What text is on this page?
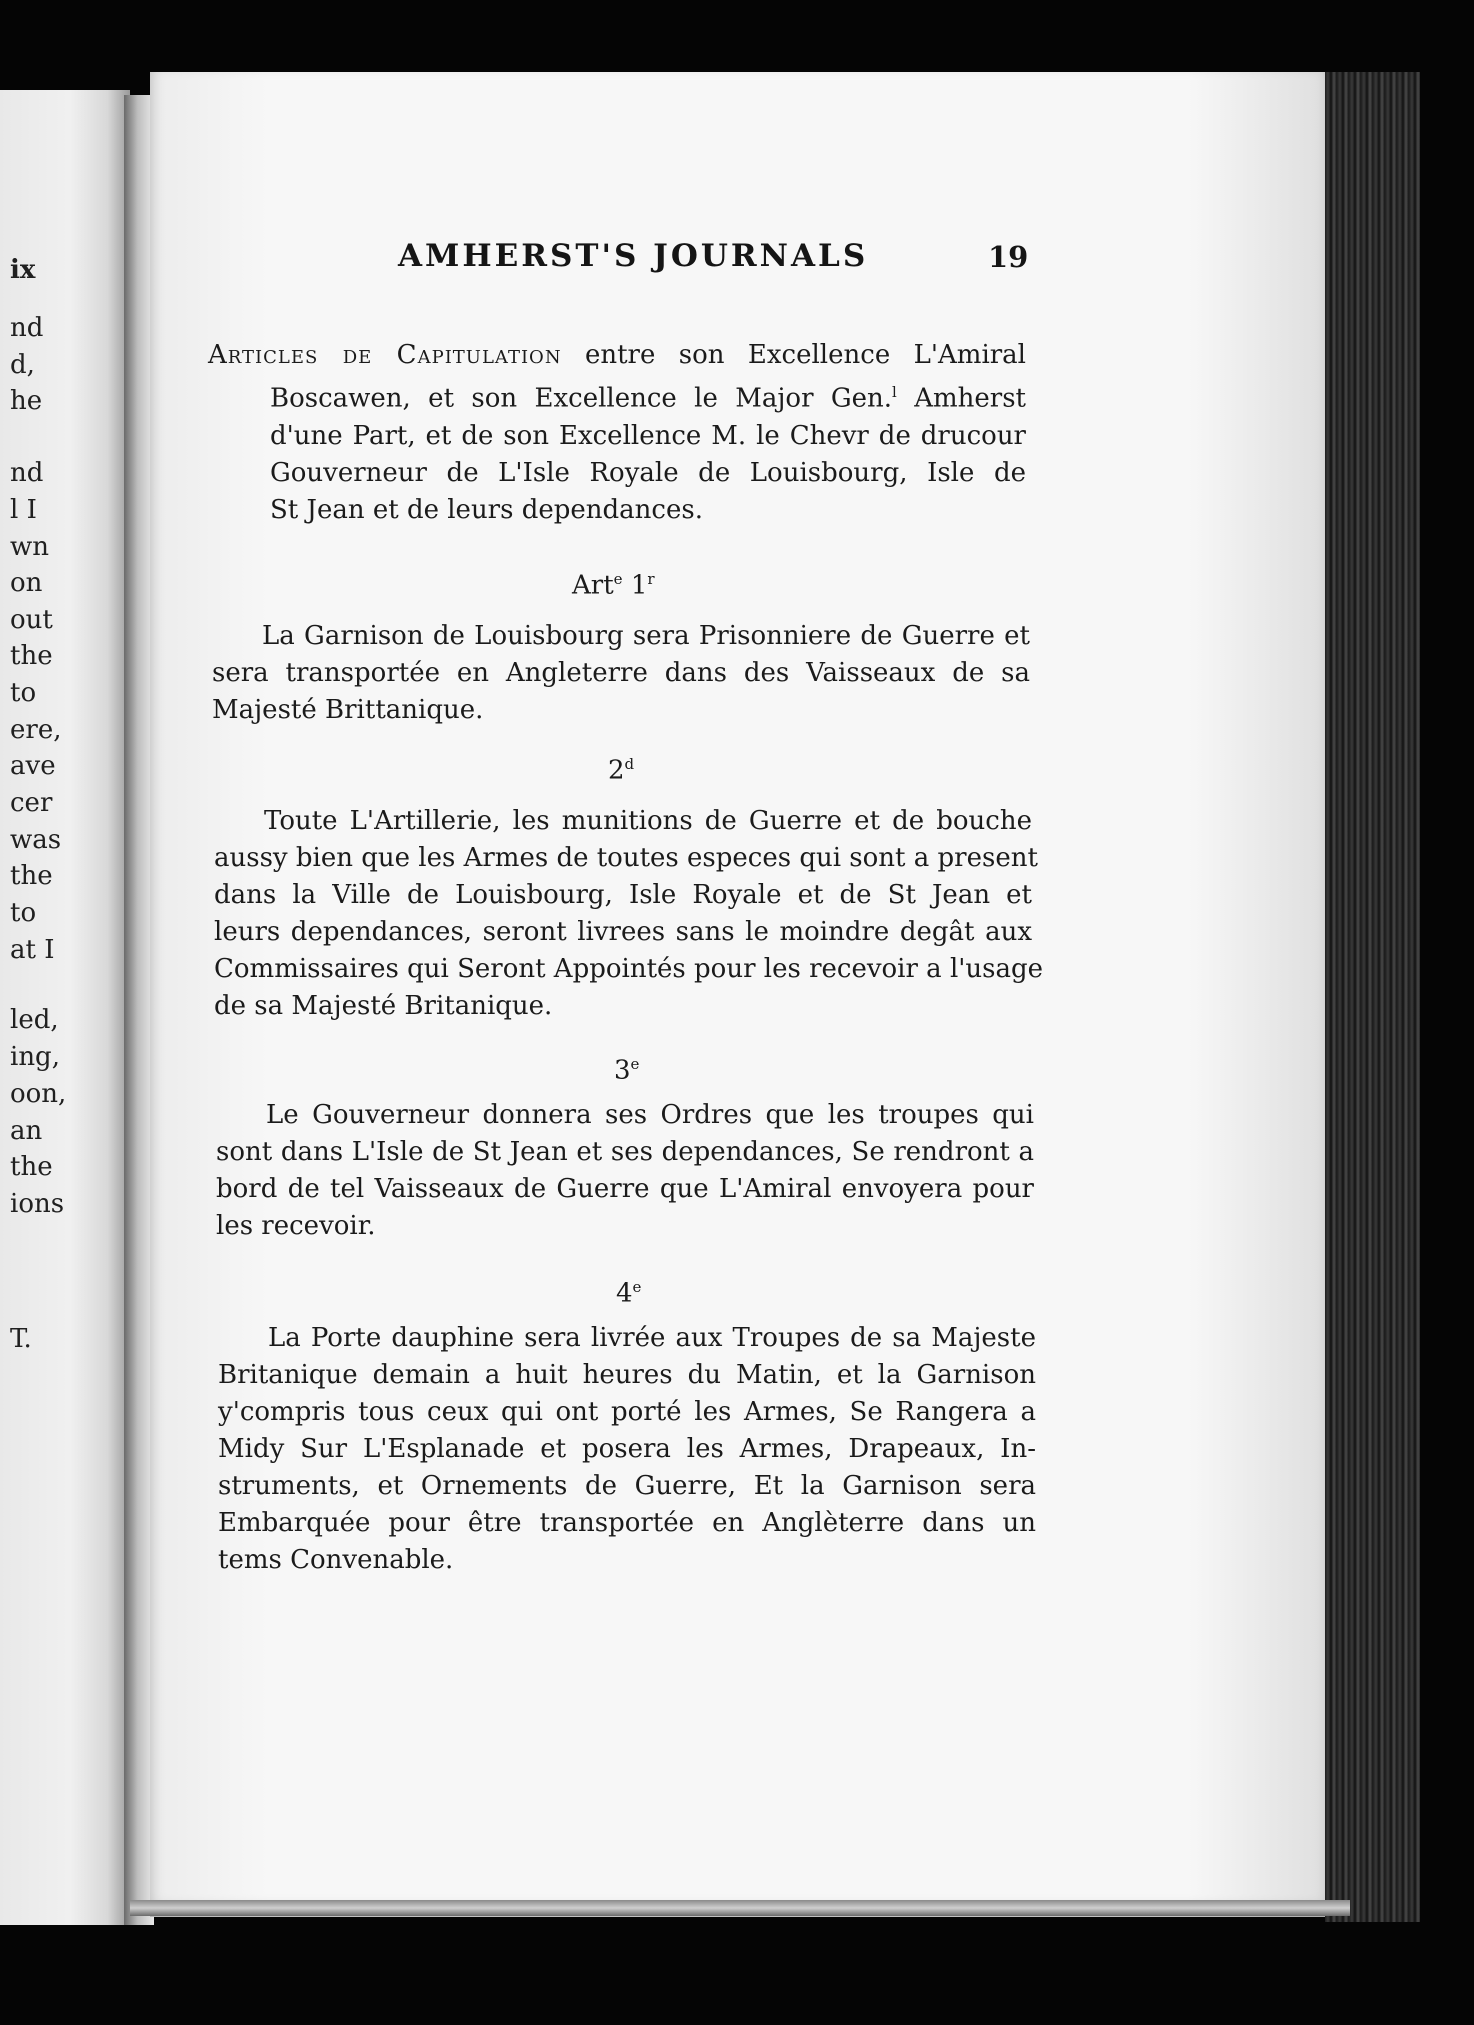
ix
nd
d,
he
nd
l I
wn
on
out
the
to
ere,
ave
cer
was
the
to
at I
led,
ing,
oon,
an
the
ions
T.
AMHERST'S JOURNALS	19
Articles de Capitulation entre son Excellence L'Amiral
Boscawen, et son Excellence le Major Gen.$^l$ Amherst
d'une Part, et de son Excellence M. le Chevr de drucour
Gouverneur de L'Isle Royale de Louisbourg, Isle de
St Jean et de leurs dependances.
Art$^e$ 1$^r$
La Garnison de Louisbourg sera Prisonniere de Guerre et
sera transportée en Angleterre dans des Vaisseaux de sa
Majesté Brittanique.
2$^d$
Toute L'Artillerie, les munitions de Guerre et de bouche
aussy bien que les Armes de toutes especes qui sont a present
dans la Ville de Louisbourg, Isle Royale et de St Jean et
leurs dependances, seront livrees sans le moindre degât aux
Commissaires qui Seront Appointés pour les recevoir a l'usage
de sa Majesté Britanique.
3e
Le Gouverneur donnera ses Ordres que les troupes qui
sont dans L'Isle de St Jean et ses dependances, Se rendront a
bord de tel Vaisseaux de Guerre que L'Amiral envoyera pour
les recevoir.
4e
La Porte dauphine sera livrée aux Troupes de sa Majeste
Britanique demain a huit heures du Matin, et la Garnison
y'compris tous ceux qui ont porté les Armes, Se Rangera a
Midy Sur L'Esplanade et posera les Armes, Drapeaux, In-
struments, et Ornements de Guerre, Et la Garnison sera
Embarquée pour être transportée en Anglèterre dans un
tems Convenable.
